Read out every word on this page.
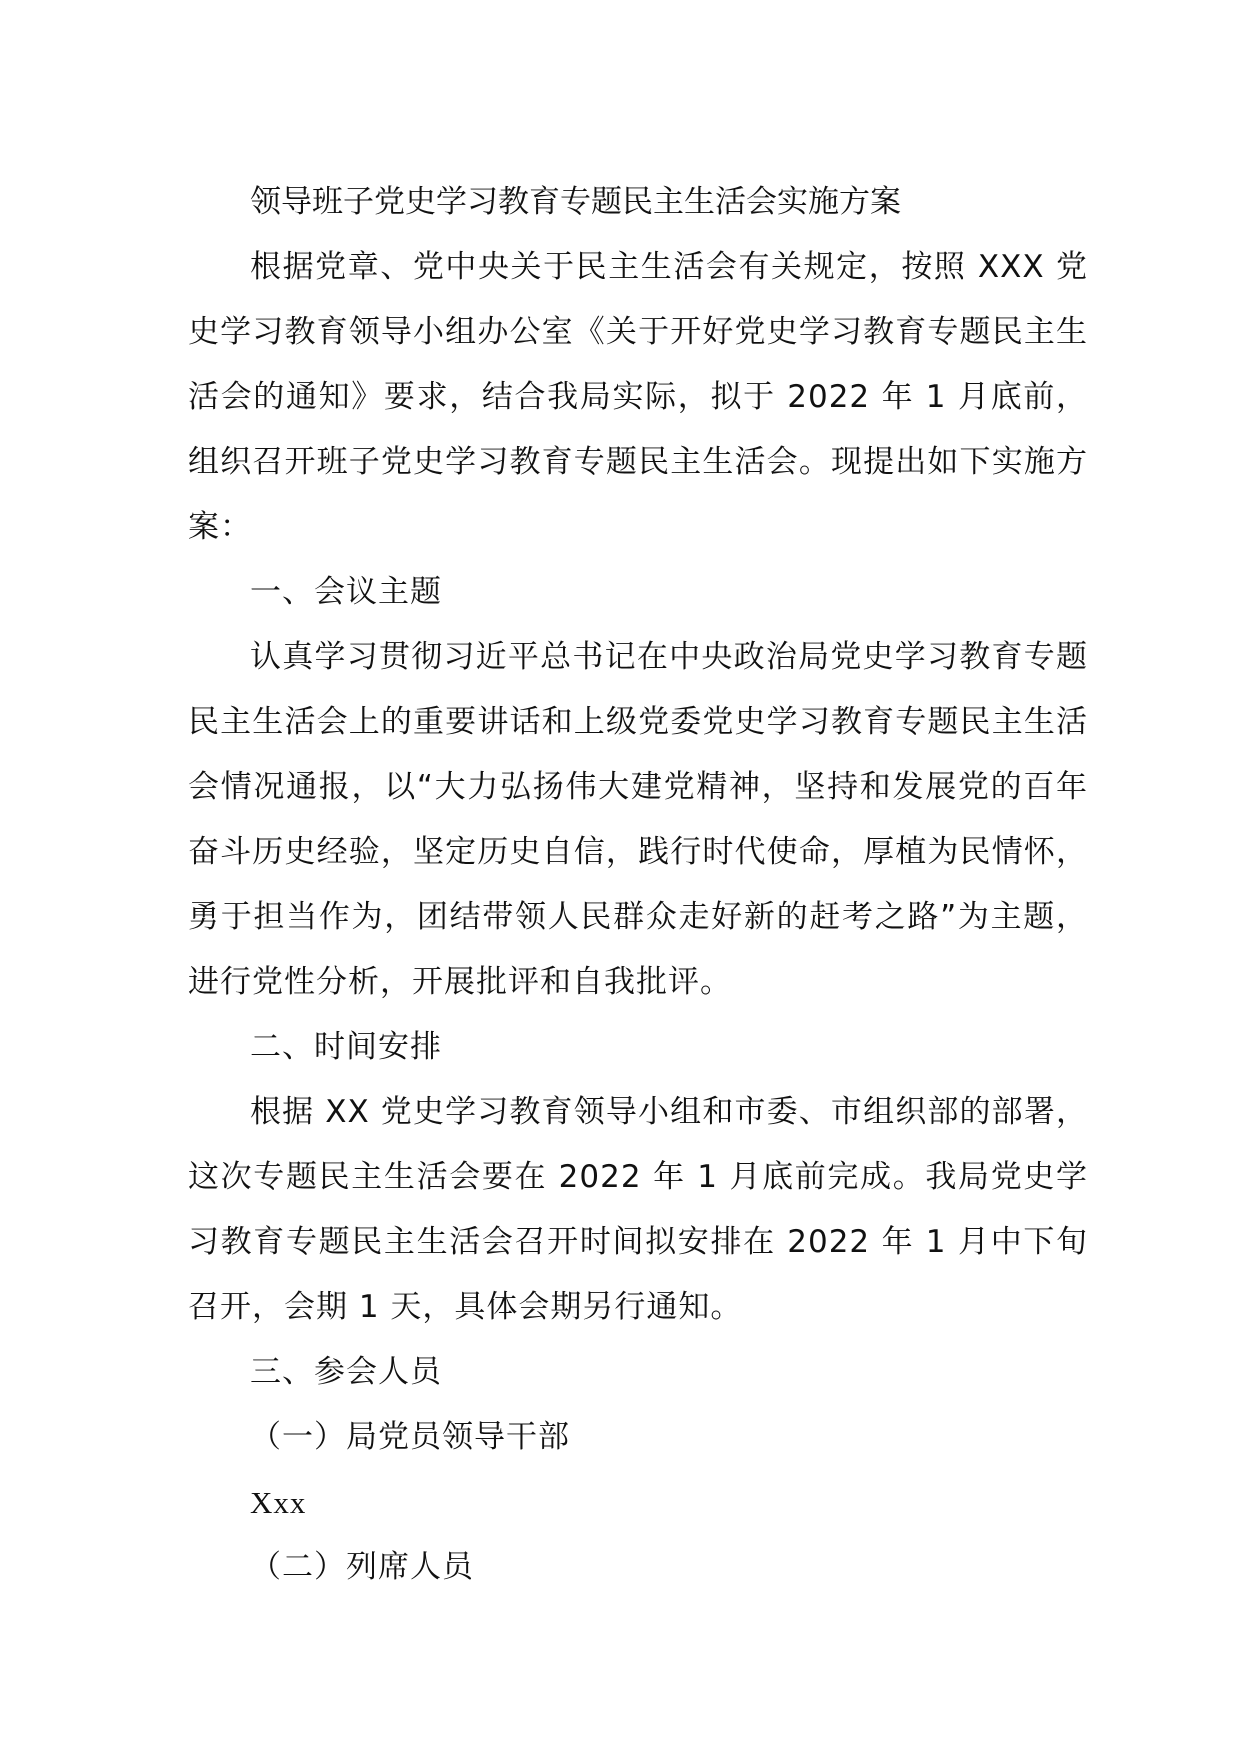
领导班子党史学习教育专题民主生活会实施方案

根据党章、党中央关于民主生活会有关规定，按照 XXX 党史学习教育领导小组办公室《关于开好党史学习教育专题民主生活会的通知》要求，结合我局实际，拟于 2022 年 1 月底前，组织召开班子党史学习教育专题民主生活会。现提出如下实施方案：

一、会议主题

认真学习贯彻习近平总书记在中央政治局党史学习教育专题民主生活会上的重要讲话和上级党委党史学习教育专题民主生活会情况通报，以“大力弘扬伟大建党精神，坚持和发展党的百年奋斗历史经验，坚定历史自信，践行时代使命，厚植为民情怀，勇于担当作为，团结带领人民群众走好新的赶考之路”为主题，进行党性分析，开展批评和自我批评。

二、时间安排

根据 XX 党史学习教育领导小组和市委、市组织部的部署，这次专题民主生活会要在 2022 年 1 月底前完成。我局党史学习教育专题民主生活会召开时间拟安排在 2022 年 1 月中下旬召开，会期 1 天，具体会期另行通知。

三、参会人员

（一）局党员领导干部

Xxx

（二）列席人员
